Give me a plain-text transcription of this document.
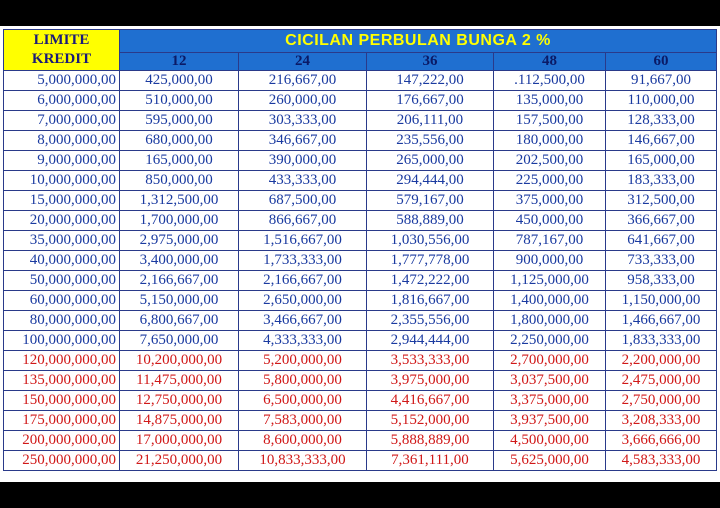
LIMITE
KREDIT	CICILAN PERBULAN BUNGA 2 %				
	12	24	36	48	60
5,000,000,00	425,000,00	216,667,00	147,222,00	.112,500,00	91,667,00
6,000,000,00	510,000,00	260,000,00	176,667,00	135,000,00	110,000,00
7,000,000,00	595,000,00	303,333,00	206,111,00	157,500,00	128,333,00
8,000,000,00	680,000,00	346,667,00	235,556,00	180,000,00	146,667,00
9,000,000,00	165,000,00	390,000,00	265,000,00	202,500,00	165,000,00
10,000,000,00	850,000,00	433,333,00	294,444,00	225,000,00	183,333,00
15,000,000,00	1,312,500,00	687,500,00	579,167,00	375,000,00	312,500,00
20,000,000,00	1,700,000,00	866,667,00	588,889,00	450,000,00	366,667,00
35,000,000,00	2,975,000,00	1,516,667,00	1,030,556,00	787,167,00	641,667,00
40,000,000,00	3,400,000,00	1,733,333,00	1,777,778,00	900,000,00	733,333,00
50,000,000,00	2,166,667,00	2,166,667,00	1,472,222,00	1,125,000,00	958,333,00
60,000,000,00	5,150,000,00	2,650,000,00	1,816,667,00	1,400,000,00	1,150,000,00
80,000,000,00	6,800,667,00	3,466,667,00	2,355,556,00	1,800,000,00	1,466,667,00
100,000,000,00	7,650,000,00	4,333,333,00	2,944,444,00	2,250,000,00	1,833,333,00
120,000,000,00	10,200,000,00	5,200,000,00	3,533,333,00	2,700,000,00	2,200,000,00
135,000,000,00	11,475,000,00	5,800,000,00	3,975,000,00	3,037,500,00	2,475,000,00
150,000,000,00	12,750,000,00	6,500,000,00	4,416,667,00	3,375,000,00	2,750,000,00
175,000,000,00	14,875,000,00	7,583,000,00	5,152,000,00	3,937,500,00	3,208,333,00
200,000,000,00	17,000,000,00	8,600,000,00	5,888,889,00	4,500,000,00	3,666,666,00
250,000,000,00	21,250,000,00	10,833,333,00	7,361,111,00	5,625,000,00	4,583,333,00
